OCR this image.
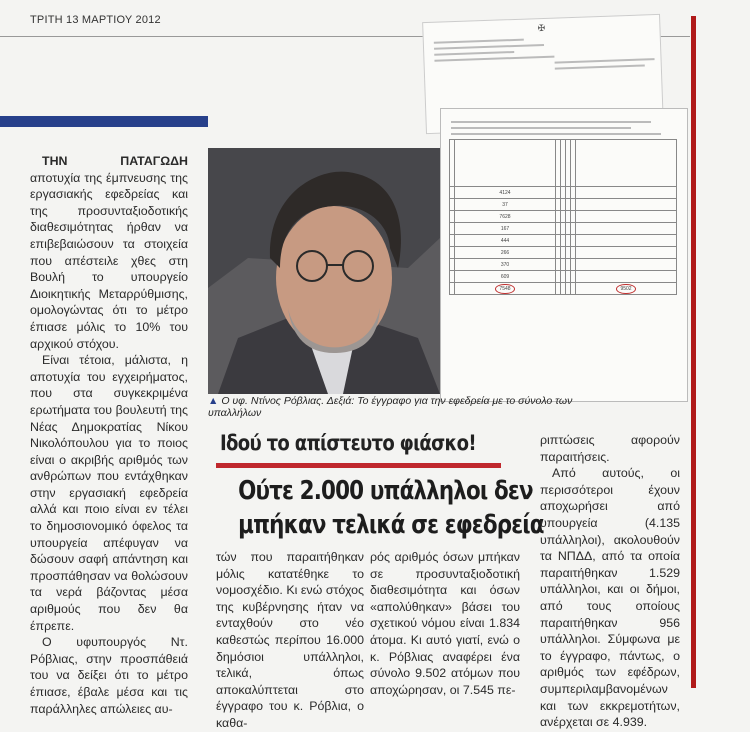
ΤΡΙΤΗ 13 ΜΑΡΤΙΟΥ 2012

ΤΗΝ ΠΑΤΑΓΩΔΗ αποτυχία της έμπνευσης της εργασιακής εφεδρείας και της προσυνταξιοδοτικής διαθεσιμότητας ήρθαν να επιβεβαιώσουν τα στοιχεία που απέστειλε χθες στη Βουλή το υπουργείο Διοικητικής Μεταρρύθμισης, ομολογώντας ότι το μέτρο έπιασε μόλις το 10% του αρχικού στόχου.

Είναι τέτοια, μάλιστα, η αποτυχία του εγχειρήματος, που στα συγκεκριμένα ερωτήματα του βουλευτή της Νέας Δημοκρατίας Νίκου Νικολόπουλου για το ποιος είναι ο ακριβής αριθμός των ανθρώπων που εντάχθηκαν στην εργασιακή εφεδρεία αλλά και ποιο είναι εν τέλει το δημοσιονομικό όφελος τα υπουργεία απέφυγαν να δώσουν σαφή απάντηση και προσπάθησαν να θολώσουν τα νερά βάζοντας μέσα αριθμούς που δεν θα έπρεπε.

Ο υφυπουργός Ντ. Ρόβλιας, στην προσπάθειά του να δείξει ότι το μέτρο έπιασε, έβαλε μέσα και τις παράλληλες απώλειες αυ-

✠

	4124					
	37					
	7628					
	167					
	444					
	266					
	370					
	609					
	7548					9502
▲ Ο υφ. Ντίνος Ρόβλιας. Δεξιά: Το έγγραφο για την εφεδρεία με το σύνολο των υπαλλήλων
Ιδού το απίστευτο φιάσκο!
Ούτε 2.000 υπάλληλοι δεν
μπήκαν τελικά σε εφεδρεία

τών που παραιτήθηκαν μόλις κατατέθηκε το νομοσχέδιο. Κι ενώ στόχος της κυβέρνησης ήταν να ενταχθούν στο νέο καθεστώς περίπου 16.000 δημόσιοι υπάλληλοι, τελικά, όπως αποκαλύπτεται στο έγγραφο του κ. Ρόβλια, ο καθα-

ρός αριθμός όσων μπήκαν σε προσυνταξιοδοτική διαθεσιμότητα και όσων «απολύθηκαν» βάσει του σχετικού νόμου είναι 1.834 άτομα. Κι αυτό γιατί, ενώ ο κ. Ρόβλιας αναφέρει ένα σύνολο 9.502 ατόμων που αποχώρησαν, οι 7.545 πε-

ριπτώσεις αφορούν παραιτήσεις.

Από αυτούς, οι περισσότεροι έχουν αποχωρήσει από υπουργεία (4.135 υπάλληλοι), ακολουθούν τα ΝΠΔΔ, από τα οποία παραιτήθηκαν 1.529 υπάλληλοι, και οι δήμοι, από τους οποίους παραιτήθηκαν 956 υπάλληλοι. Σύμφωνα με το έγγραφο, πάντως, ο αριθμός των εφέδρων, συμπεριλαμβανομένων και των εκκρεμοτήτων, ανέρχεται σε 4.939.
